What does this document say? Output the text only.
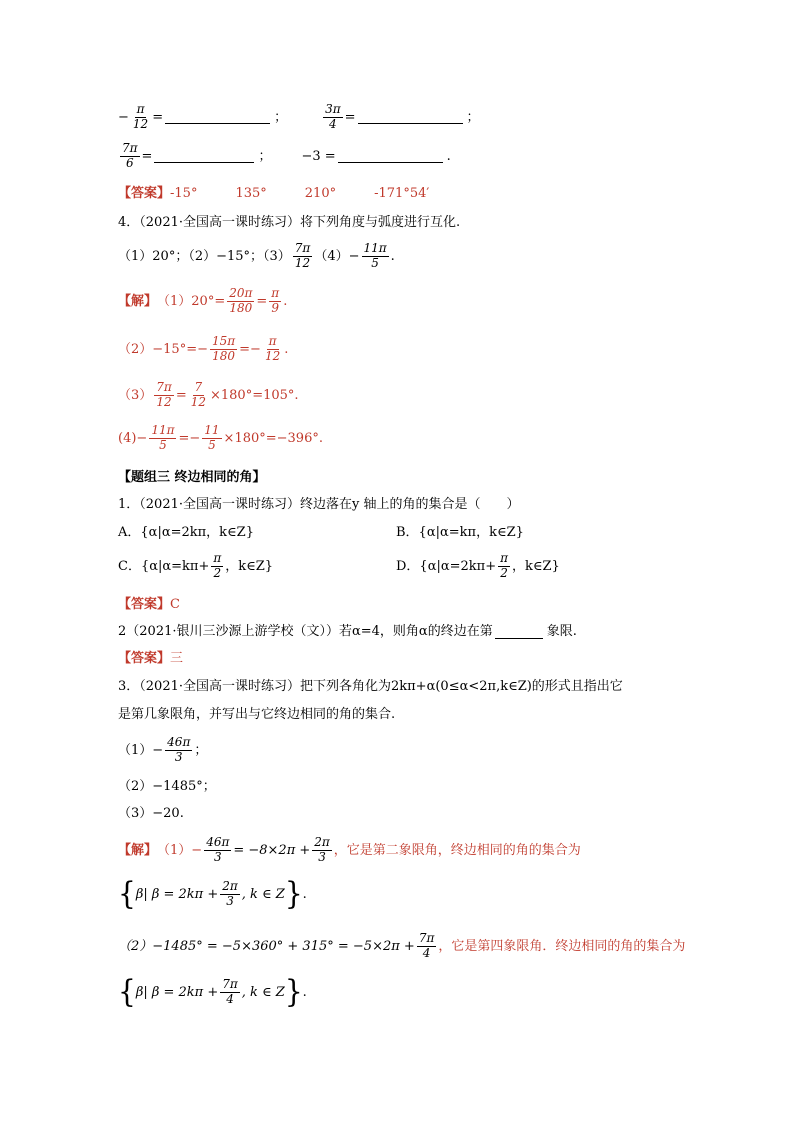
− $\frac{\pi}{12}$ =	；	$\frac{3\pi}{4}$ =	；
$\frac{7\pi}{6}$ =	； −3 =	.
【答案】 -15°	135°	210°	-171°54′
4．（2021·全国高一课时练习）将下列角度与弧度进行互化.
（1）20°；（2）−15°；$(3) \frac{7\pi}{12} (4)- \frac{11\pi}{5}$ .
【解】 $(1)20^\circ= \frac{20\pi}{180} = \frac{\pi}{9}$ .
$(2)-15^\circ=- \frac{15\pi}{180} =- \frac{\pi}{12}$ .
$(3) \frac{7\pi}{12} = \frac{7}{12} \times 180^\circ=105^\circ$.
$(4)- \frac{11\pi}{5} =- \frac{11}{5} \times 180^\circ=-396^\circ$.
【题组三 终边相同的角】
1．（2021·全国高一课时练习）终边落在y 轴上的角的集合是（　　）
A．{α|α=2kπ，k∈Z}	B．{α|α=kπ，k∈Z}
C．{$\alpha|\alpha=k\pi+ \frac{\pi}{2}$ ，k∈Z}	D．{$\alpha|\alpha=2k\pi+ \frac{\pi}{2}$ ，k∈Z}
【答案】 C
2（2021·银川三沙源上游学校（文））若α=4，则角α的终边在第	象限.
【答案】 三
3．（2021·全国高一课时练习）把下列各角化为2kπ+α(0≤α<2π,k∈Z)的形式且指出它
是第几象限角，并写出与它终边相同的角的集合.
$(1)- \frac{46\pi}{3}$ ；
（2）−1485°；
（3）−20.
【解】 $(1)- \frac{46\pi}{3} = -8\times 2\pi + \frac{2\pi}{3}$ ，它是第二象限角，终边相同的角的集合为
{ β| $\beta = 2k\pi + \frac{2\pi}{3}$ , k ∈ Z } .
$(2)-1485^\circ = -5\times 360^\circ + 315^\circ = -5\times 2\pi + \frac{7\pi}{4}$ ，它是第四象限角．终边相同的角的集合为
{ β| $\beta = 2k\pi + \frac{7\pi}{4}$ , k ∈ Z } .
